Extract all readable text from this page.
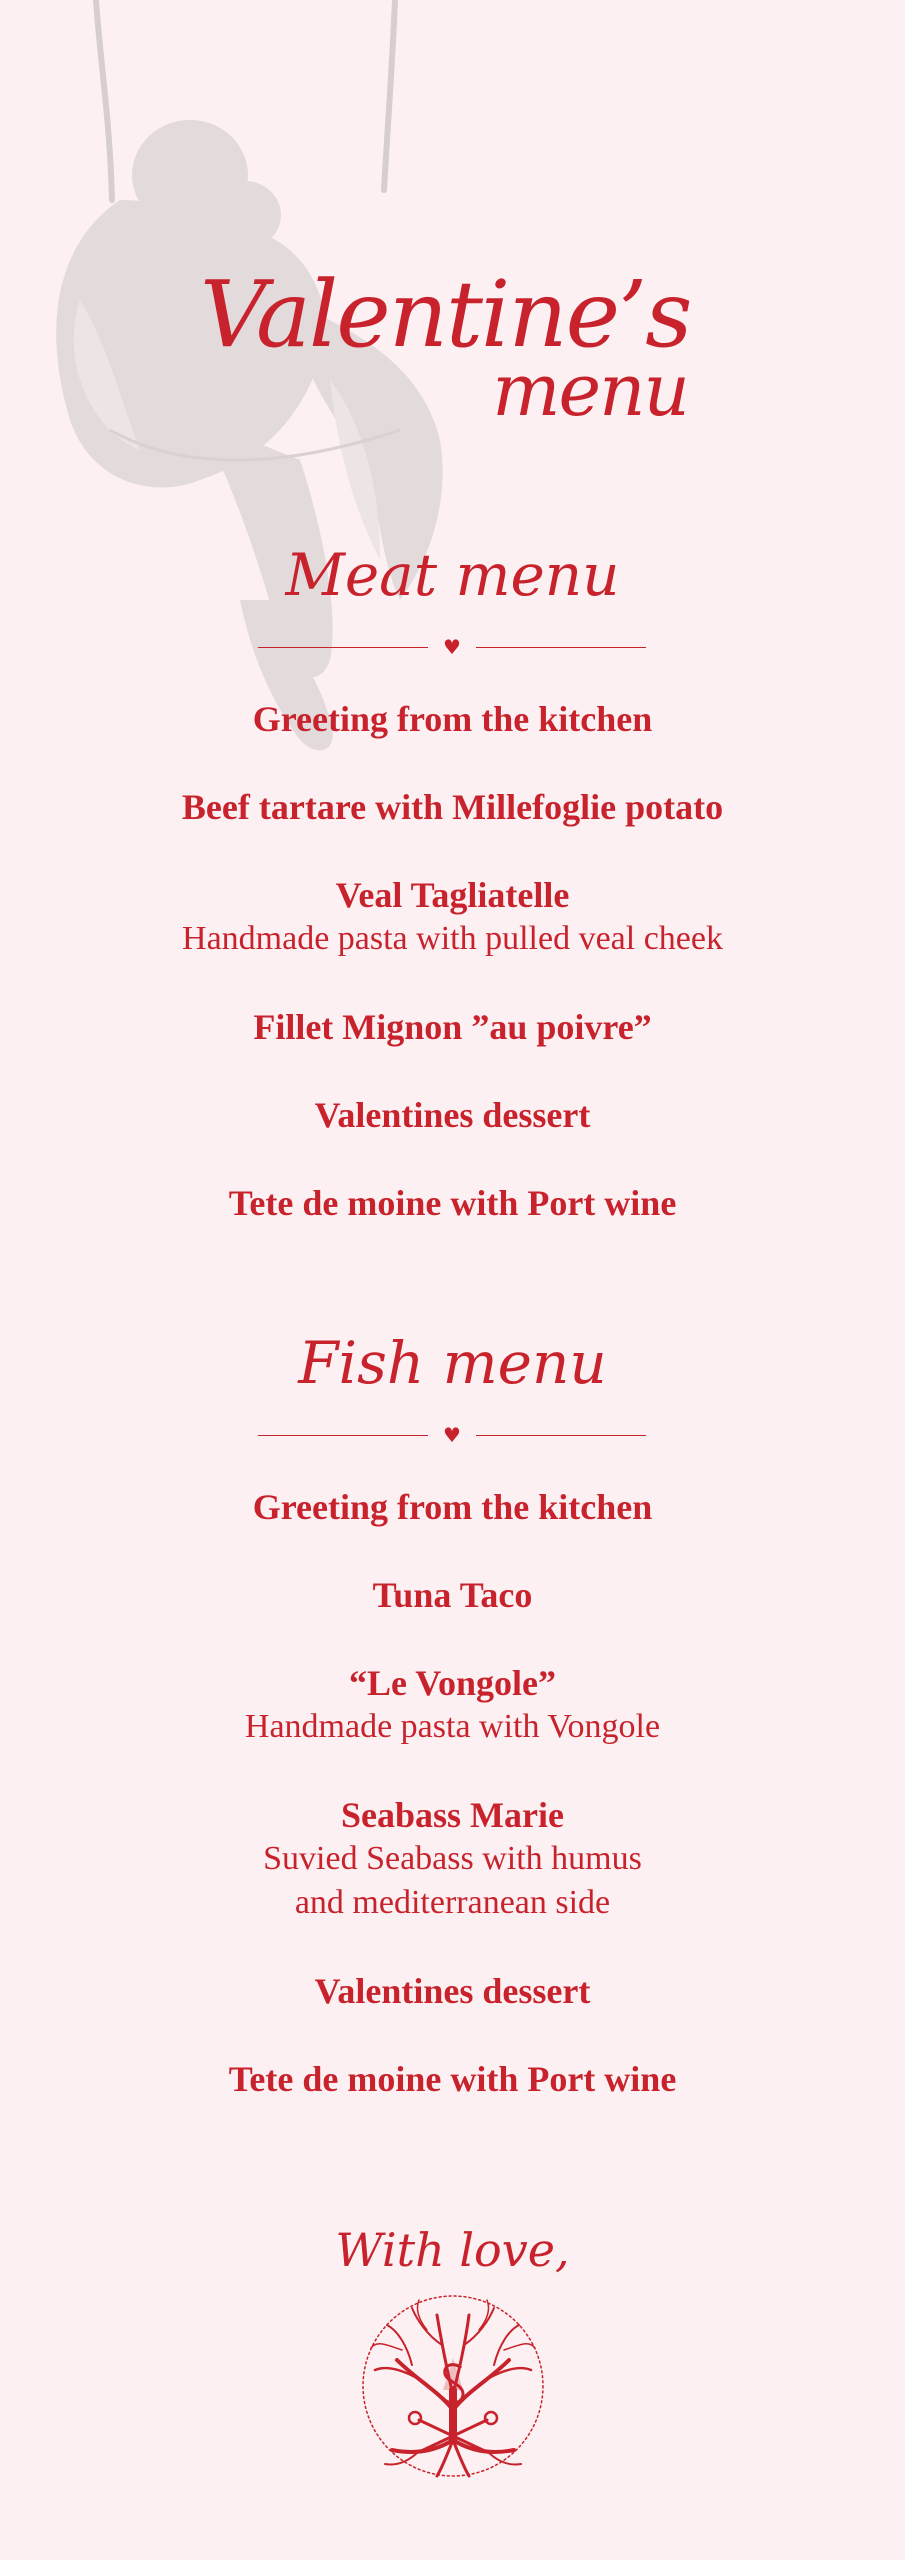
Valentine’s
menu
Meat menu
♥
Greeting from the kitchen
Beef tartare with Millefoglie potato
Veal Tagliatelle
Handmade pasta with pulled veal cheek
Fillet Mignon ”au poivre”
Valentines dessert
Tete de moine with Port wine
Fish menu
♥
Greeting from the kitchen
Tuna Taco
“Le Vongole”
Handmade pasta with Vongole
Seabass Marie
Suvied Seabass with humus
and mediterranean side
Valentines dessert
Tete de moine with Port wine
With love,
